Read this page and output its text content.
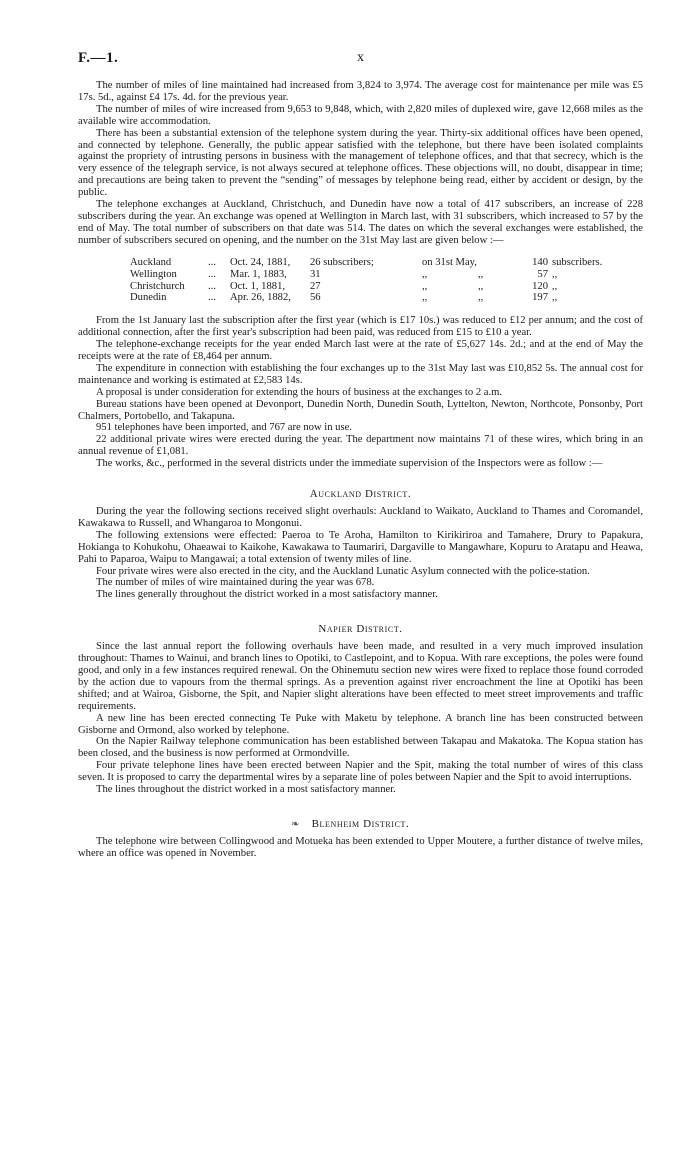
F.—1.	x

The number of miles of line maintained had increased from 3,824 to 3,974. The average cost for maintenance per mile was £5 17s. 5d., against £4 17s. 4d. for the previous year.

The number of miles of wire increased from 9,653 to 9,848, which, with 2,820 miles of duplexed wire, gave 12,668 miles as the available wire accommodation.

There has been a substantial extension of the telephone system during the year. Thirty-six additional offices have been opened, and connected by telephone. Generally, the public appear satisfied with the telephone, but there have been isolated complaints against the propriety of intrusting persons in business with the management of telephone offices, and that that secrecy, which is the very essence of the telegraph service, is not always secured at telephone offices. These objections will, no doubt, disappear in time; and precautions are being taken to prevent the “sending” of messages by telephone being read, either by accident or design, by the public.

The telephone exchanges at Auckland, Christchuch, and Dunedin have now a total of 417 subscribers, an increase of 228 subscribers during the year. An exchange was opened at Wellington in March last, with 31 subscribers, which increased to 57 by the end of May. The total number of subscribers on that date was 514. The dates on which the several exchanges were established, the number of subscribers secured on opening, and the number on the 31st May last are given below :—

Auckland	...	Oct. 24, 1881,	26 subscribers;	on 31st May,		140	subscribers.
Wellington	...	Mar. 1, 1883,	31	,,	,,	57	,,
Christchurch	...	Oct. 1, 1881,	27	,,	,,	120	,,
Dunedin	...	Apr. 26, 1882,	56	,,	,,	197	,,

From the 1st January last the subscription after the first year (which is £17 10s.) was reduced to £12 per annum; and the cost of additional connection, after the first year's subscription had been paid, was reduced from £15 to £10 a year.

The telephone-exchange receipts for the year ended March last were at the rate of £5,627 14s. 2d.; and at the end of May the receipts were at the rate of £8,464 per annum.

The expenditure in connection with establishing the four exchanges up to the 31st May last was £10,852 5s. The annual cost for maintenance and working is estimated at £2,583 14s.

A proposal is under consideration for extending the hours of business at the exchanges to 2 a.m.

Bureau stations have been opened at Devonport, Dunedin North, Dunedin South, Lyttelton, Newton, Northcote, Ponsonby, Port Chalmers, Portobello, and Takapuna.

951 telephones have been imported, and 767 are now in use.

22 additional private wires were erected during the year. The department now maintains 71 of these wires, which bring in an annual revenue of £1,081.

The works, &c., performed in the several districts under the immediate supervision of the Inspectors were as follow :—

Auckland District.

During the year the following sections received slight overhauls: Auckland to Waikato, Auckland to Thames and Coromandel, Kawakawa to Russell, and Whangaroa to Mongonui.

The following extensions were effected: Paeroa to Te Aroha, Hamilton to Kirikiriroa and Tamahere, Drury to Papakura, Hokianga to Kohukohu, Ohaeawai to Kaikohe, Kawakawa to Taumariri, Dargaville to Mangawhare, Kopuru to Aratapu and Heawa, Pahi to Paparoa, Waipu to Mangawai; a total extension of twenty miles of line.

Four private wires were also erected in the city, and the Auckland Lunatic Asylum connected with the police-station.

The number of miles of wire maintained during the year was 678.

The lines generally throughout the district worked in a most satisfactory manner.

Napier District.

Since the last annual report the following overhauls have been made, and resulted in a very much improved insulation throughout: Thames to Wainui, and branch lines to Opotiki, to Castlepoint, and to Kopua. With rare exceptions, the poles were found good, and only in a few instances required renewal. On the Ohinemutu section new wires were fixed to replace those found corroded by the action due to vapours from the thermal springs. As a prevention against river encroachment the line at Opotiki has been shifted; and at Wairoa, Gisborne, the Spit, and Napier slight alterations have been effected to meet street improvements and traffic requirements.

A new line has been erected connecting Te Puke with Maketu by telephone. A branch line has been constructed between Gisborne and Ormond, also worked by telephone.

On the Napier Railway telephone communication has been established between Takapau and Makatoka. The Kopua station has been closed, and the business is now performed at Ormondville.

Four private telephone lines have been erected between Napier and the Spit, making the total number of wires of this class seven. It is proposed to carry the departmental wires by a separate line of poles between Napier and the Spit to avoid interruptions.

The lines throughout the district worked in a most satisfactory manner.

❧	Blenheim District.

The telephone wire between Collingwood and Motueka has been extended to Upper Moutere, a further distance of twelve miles, where an office was opened in November.
